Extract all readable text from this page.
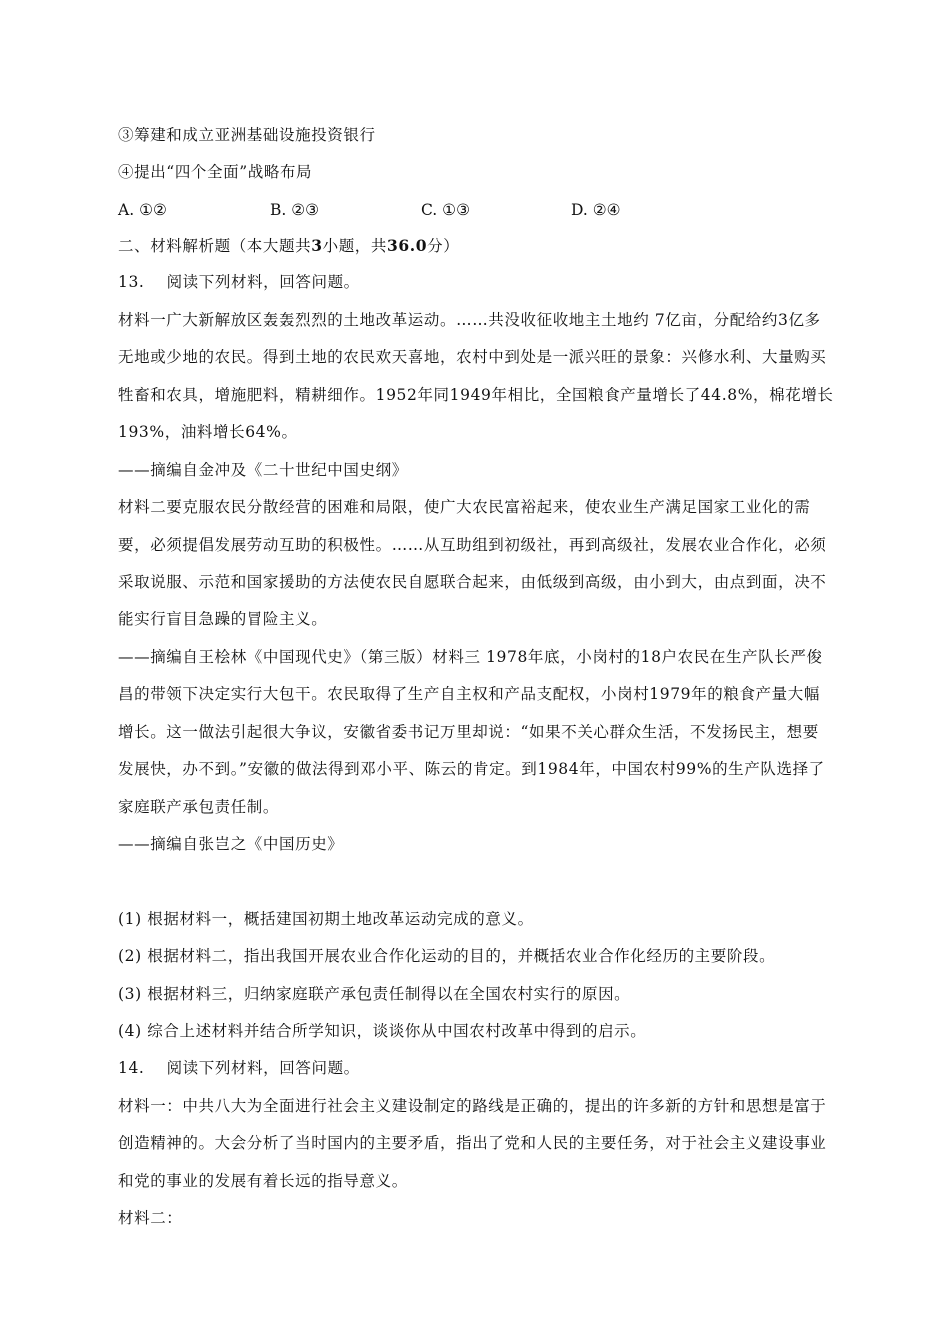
③筹建和成立亚洲基础设施投资银行
④提出“四个全面”战略布局
A. ①②	B. ②③	C. ①③	D. ②④
二、材料解析题（本大题共3小题，共36.0分）
13. 阅读下列材料，回答问题。
材料一广大新解放区轰轰烈烈的土地改革运动。……共没收征收地主土地约 7亿亩，分配给约3亿多
无地或少地的农民。得到土地的农民欢天喜地，农村中到处是一派兴旺的景象：兴修水利、大量购买
牲畜和农具，增施肥料，精耕细作。1952年同1949年相比，全国粮食产量增长了44.8%，棉花增长
193%，油料增长64%。
——摘编自金冲及《二十世纪中国史纲》
材料二要克服农民分散经营的困难和局限，使广大农民富裕起来，使农业生产满足国家工业化的需
要，必须提倡发展劳动互助的积极性。……从互助组到初级社，再到高级社，发展农业合作化，必须
采取说服、示范和国家援助的方法使农民自愿联合起来，由低级到高级，由小到大，由点到面，决不
能实行盲目急躁的冒险主义。
——摘编自王桧林《中国现代史》（第三版）材料三 1978年底，小岗村的18户农民在生产队长严俊
昌的带领下决定实行大包干。农民取得了生产自主权和产品支配权，小岗村1979年的粮食产量大幅
增长。这一做法引起很大争议，安徽省委书记万里却说：“如果不关心群众生活，不发扬民主，想要
发展快，办不到。”安徽的做法得到邓小平、陈云的肯定。到1984年，中国农村99%的生产队选择了
家庭联产承包责任制。
——摘编自张岂之《中国历史》
(1) 根据材料一，概括建国初期土地改革运动完成的意义。
(2) 根据材料二，指出我国开展农业合作化运动的目的，并概括农业合作化经历的主要阶段。
(3) 根据材料三，归纳家庭联产承包责任制得以在全国农村实行的原因。
(4) 综合上述材料并结合所学知识，谈谈你从中国农村改革中得到的启示。
14. 阅读下列材料，回答问题。
材料一：中共八大为全面进行社会主义建设制定的路线是正确的，提出的许多新的方针和思想是富于
创造精神的。大会分析了当时国内的主要矛盾，指出了党和人民的主要任务，对于社会主义建设事业
和党的事业的发展有着长远的指导意义。
材料二：
